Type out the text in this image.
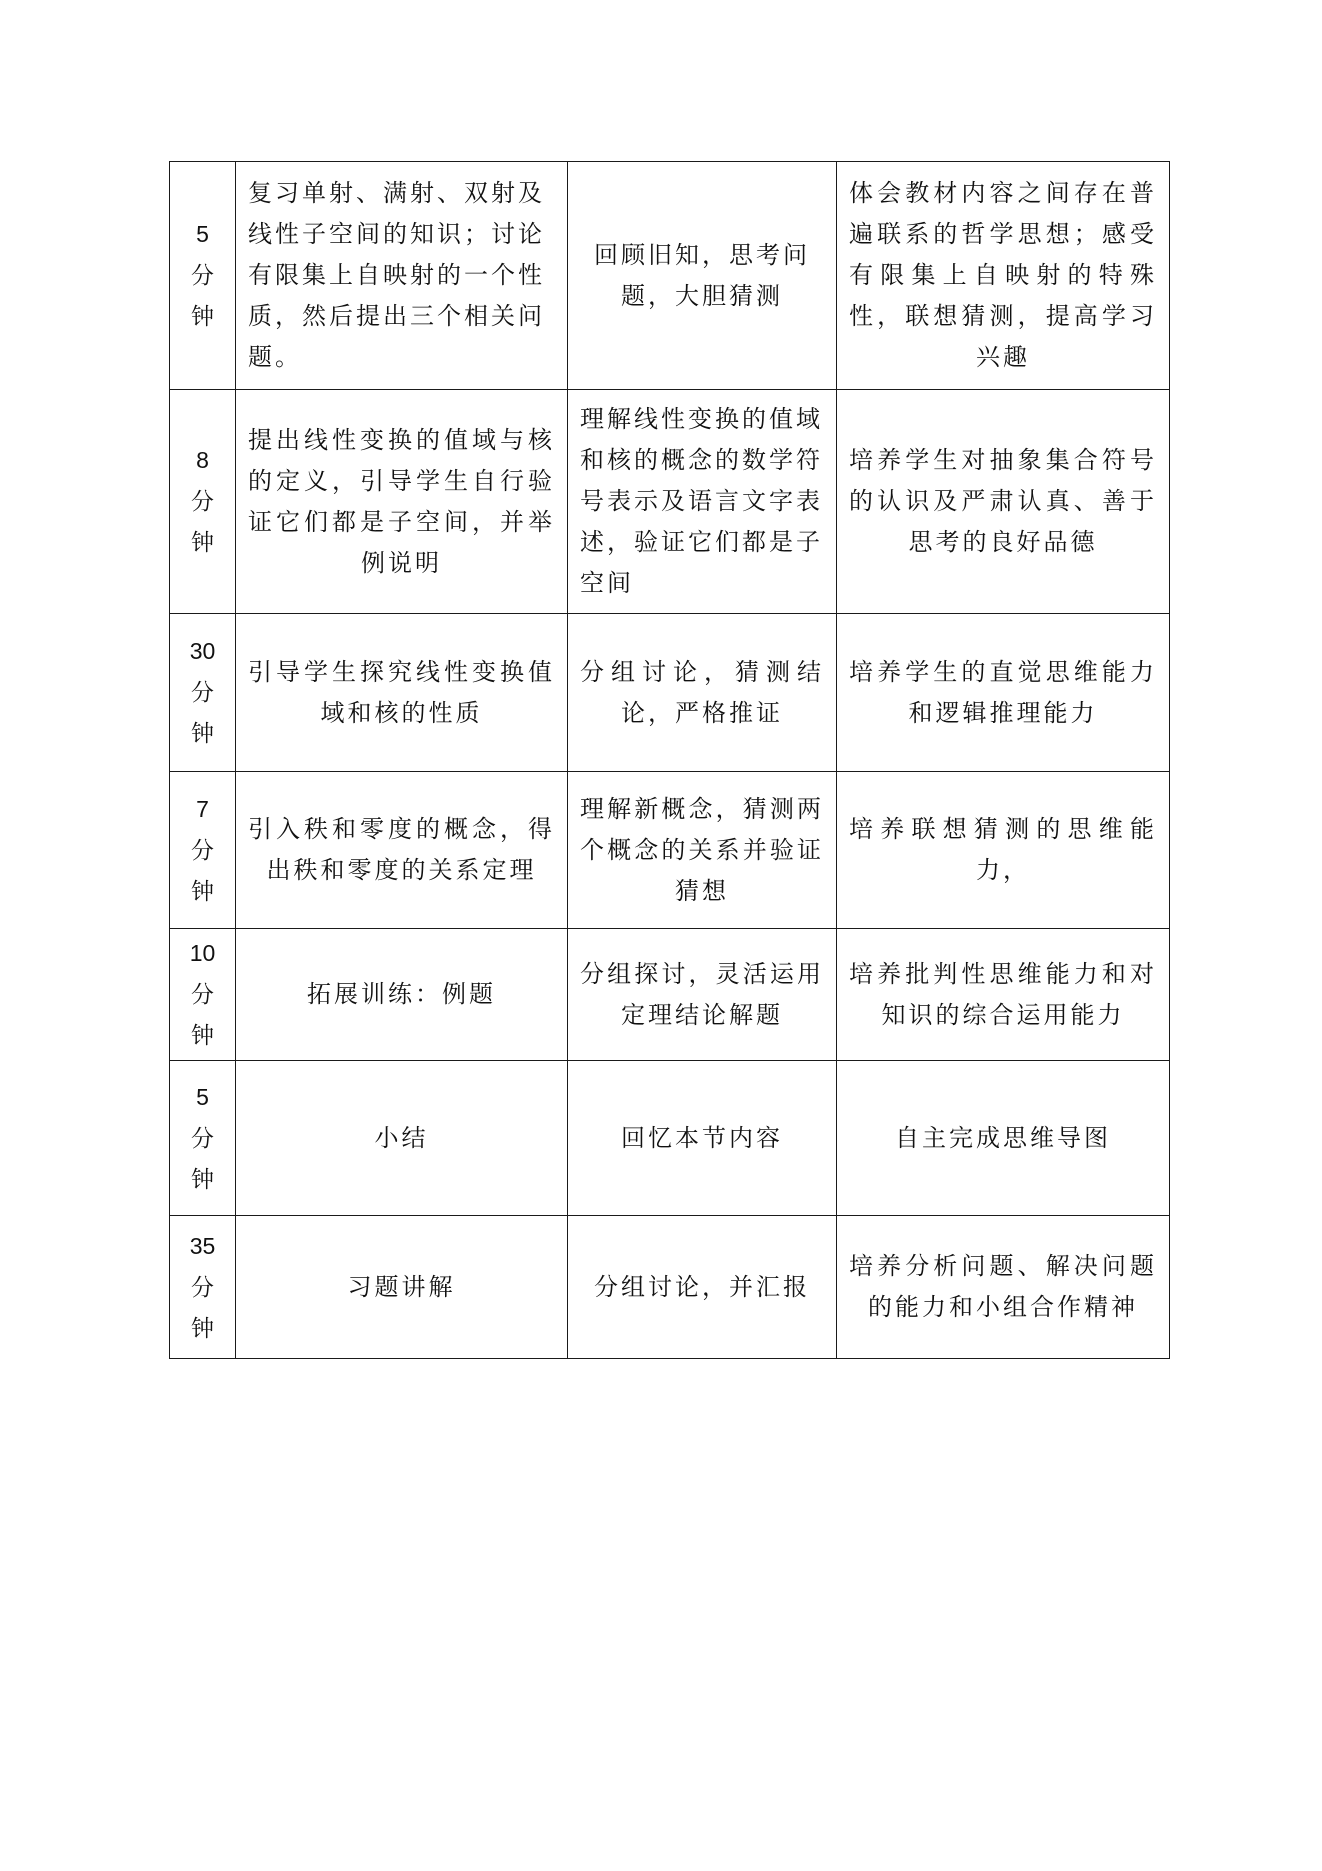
5
分
钟	复习单射、满射、双射及线性子空间的知识；讨论有限集上自映射的一个性质，然后提出三个相关问题。	回顾旧知，思考问题，大胆猜测	体会教材内容之间存在普遍联系的哲学思想；感受有限集上自映射的特殊性，联想猜测，提高学习兴趣

8
分
钟	提出线性变换的值域与核的定义，引导学生自行验证它们都是子空间，并举例说明	理解线性变换的值域和核的概念的数学符号表示及语言文字表述，验证它们都是子空间	培养学生对抽象集合符号的认识及严肃认真、善于思考的良好品德

30
分
钟	引导学生探究线性变换值域和核的性质	分组讨论，猜测结论，严格推证	培养学生的直觉思维能力和逻辑推理能力

7
分
钟	引入秩和零度的概念，得出秩和零度的关系定理	理解新概念，猜测两个概念的关系并验证猜想	培养联想猜测的思维能力，

10
分
钟	拓展训练：例题	分组探讨，灵活运用定理结论解题	培养批判性思维能力和对知识的综合运用能力

5
分
钟	小结	回忆本节内容	自主完成思维导图

35
分
钟	习题讲解	分组讨论，并汇报	培养分析问题、解决问题的能力和小组合作精神
